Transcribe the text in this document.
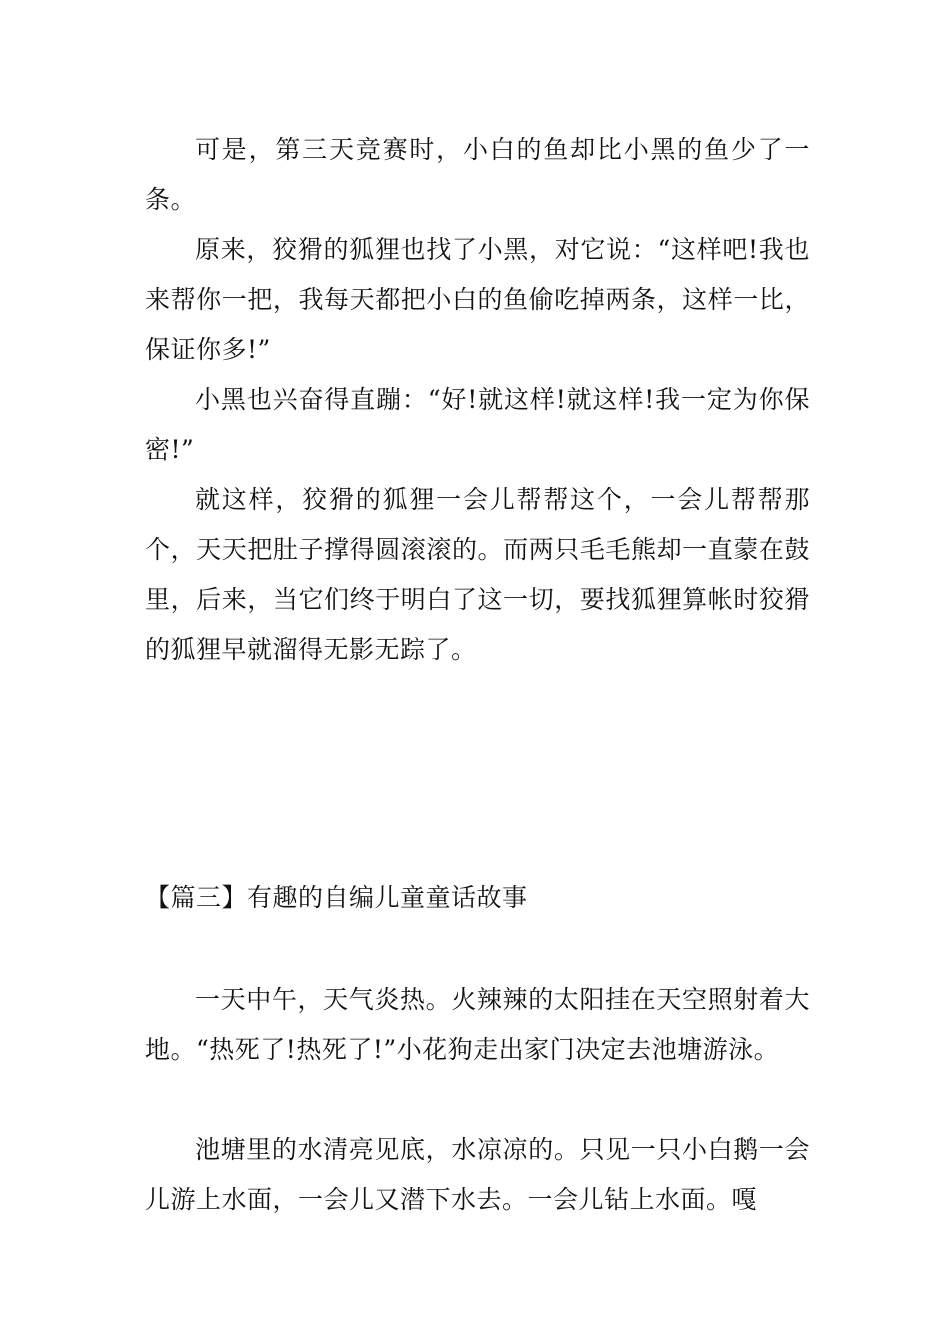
可是，第三天竞赛时，小白的鱼却比小黑的鱼少了一条。

原来，狡猾的狐狸也找了小黑，对它说：“这样吧!我也来帮你一把，我每天都把小白的鱼偷吃掉两条，这样一比，保证你多!”

小黑也兴奋得直蹦：“好!就这样!就这样!我一定为你保密!”

就这样，狡猾的狐狸一会儿帮帮这个，一会儿帮帮那个，天天把肚子撑得圆滚滚的。而两只毛毛熊却一直蒙在鼓里，后来，当它们终于明白了这一切，要找狐狸算帐时狡猾的狐狸早就溜得无影无踪了。

【篇三】有趣的自编儿童童话故事

一天中午，天气炎热。火辣辣的太阳挂在天空照射着大地。“热死了!热死了!”小花狗走出家门决定去池塘游泳。

池塘里的水清亮见底，水凉凉的。只见一只小白鹅一会儿游上水面，一会儿又潜下水去。一会儿钻上水面。嘎
